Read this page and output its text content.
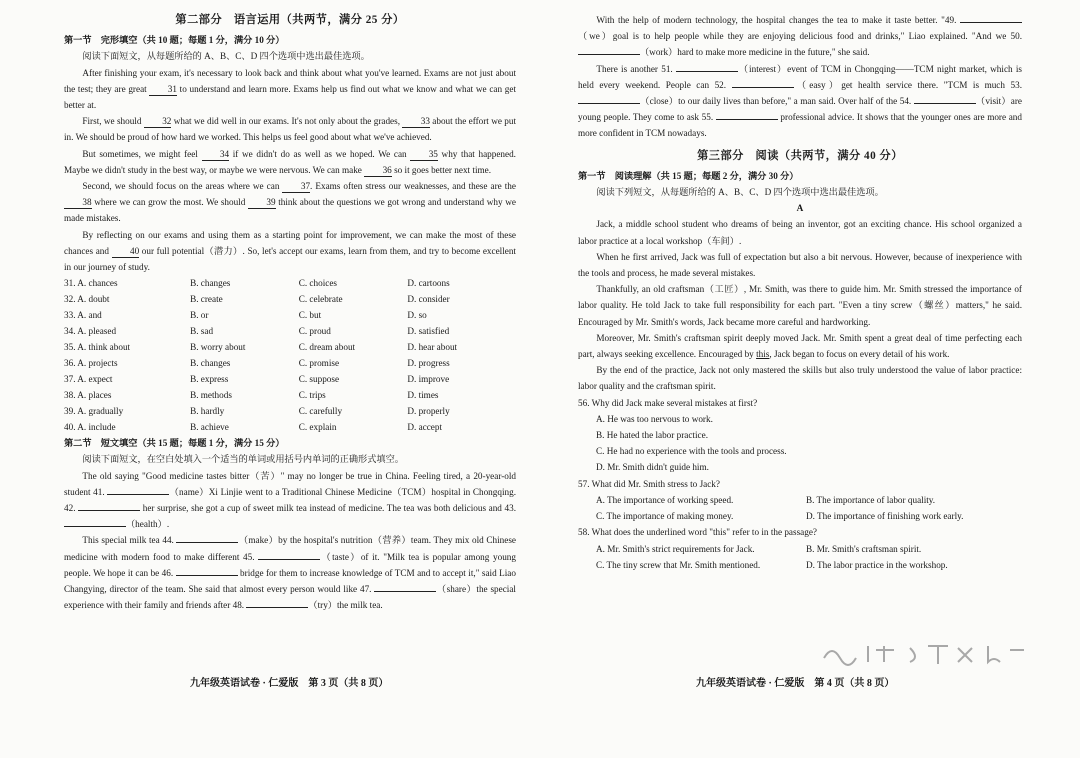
第二部分　语言运用（共两节，满分 25 分）
第一节　完形填空（共 10 题；每题 1 分，满分 10 分）

阅读下面短文，从每题所给的 A、B、C、D 四个选项中选出最佳选项。

After finishing your exam, it's necessary to look back and think about what you've learned. Exams are not just about the test; they are great 31 to understand and learn more. Exams help us find out what we know and what we can get better at.

First, we should 32 what we did well in our exams. It's not only about the grades, 33 about the effort we put in. We should be proud of how hard we worked. This helps us feel good about what we've achieved.

But sometimes, we might feel 34 if we didn't do as well as we hoped. We can 35 why that happened. Maybe we didn't study in the best way, or maybe we were nervous. We can make 36 so it goes better next time.

Second, we should focus on the areas where we can 37. Exams often stress our weaknesses, and these are the 38 where we can grow the most. We should 39 think about the questions we got wrong and understand why we made mistakes.

By reflecting on our exams and using them as a starting point for improvement, we can make the most of these chances and 40 our full potential（潜力）. So, let's accept our exams, learn from them, and try to become excellent in our journey of study.

31. A. chances	B. changes	C. choices	D. cartoons
32. A. doubt	B. create	C. celebrate	D. consider
33. A. and	B. or	C. but	D. so
34. A. pleased	B. sad	C. proud	D. satisfied
35. A. think about	B. worry about	C. dream about	D. hear about
36. A. projects	B. changes	C. promise	D. progress
37. A. expect	B. express	C. suppose	D. improve
38. A. places	B. methods	C. trips	D. times
39. A. gradually	B. hardly	C. carefully	D. properly
40. A. include	B. achieve	C. explain	D. accept
第二节　短文填空（共 15 题；每题 1 分，满分 15 分）

阅读下面短文，在空白处填入一个适当的单词或用括号内单词的正确形式填空。

The old saying "Good medicine tastes bitter（苦）" may no longer be true in China. Feeling tired, a 20-year-old student 41.	（name）Xi Linjie went to a Traditional Chinese Medicine（TCM）hospital in Chongqing. 42.	her surprise, she got a cup of sweet milk tea instead of medicine. The tea was both delicious and 43. （health）.

This special milk tea 44.	（make）by the hospital's nutrition（营养）team. They mix old Chinese medicine with modern food to make different 45.	（taste）of it. "Milk tea is popular among young people. We hope it can be 46.	bridge for them to increase knowledge of TCM and to accept it," said Liao Changying, director of the team. She said that almost every person would like 47.	（share）the special experience with their family and friends after 48.	（try）the milk tea.

九年级英语试卷 · 仁爱版　第 3 页（共 8 页）

With the help of modern technology, the hospital changes the tea to make it taste better. "49. （we）goal is to help people while they are enjoying delicious food and drinks," Liao explained. "And we 50. （work）hard to make more medicine in the future," she said.

There is another 51.	（interest）event of TCM in Chongqing——TCM night market, which is held every weekend. People can 52.	（easy）get health service there. "TCM is much 53. （close）to our daily lives than before," a man said. Over half of the 54.	（visit）are young people. They come to ask 55.	professional advice. It shows that the younger ones are more and more confident in TCM nowadays.

第三部分　阅读（共两节，满分 40 分）
第一节　阅读理解（共 15 题；每题 2 分，满分 30 分）

阅读下列短文，从每题所给的 A、B、C、D 四个选项中选出最佳选项。

A

Jack, a middle school student who dreams of being an inventor, got an exciting chance. His school organized a labor practice at a local workshop（车间）.

When he first arrived, Jack was full of expectation but also a bit nervous. However, because of inexperience with the tools and process, he made several mistakes.

Thankfully, an old craftsman（工匠）, Mr. Smith, was there to guide him. Mr. Smith stressed the importance of labor quality. He told Jack to take full responsibility for each part. "Even a tiny screw（螺丝）matters," he said. Encouraged by Mr. Smith's words, Jack became more careful and hardworking.

Moreover, Mr. Smith's craftsman spirit deeply moved Jack. Mr. Smith spent a great deal of time perfecting each part, always seeking excellence. Encouraged by this, Jack began to focus on every detail of his work.

By the end of the practice, Jack not only mastered the skills but also truly understood the value of labor practice: labor quality and the craftsman spirit.

56. Why did Jack make several mistakes at first?
A. He was too nervous to work.
B. He hated the labor practice.
C. He had no experience with the tools and process.
D. Mr. Smith didn't guide him.
57. What did Mr. Smith stress to Jack?
A. The importance of working speed.	B. The importance of labor quality.
C. The importance of making money.	D. The importance of finishing work early.
58. What does the underlined word "this" refer to in the passage?
A. Mr. Smith's strict requirements for Jack.	B. Mr. Smith's craftsman spirit.
C. The tiny screw that Mr. Smith mentioned.	D. The labor practice in the workshop.
九年级英语试卷 · 仁爱版　第 4 页（共 8 页）
